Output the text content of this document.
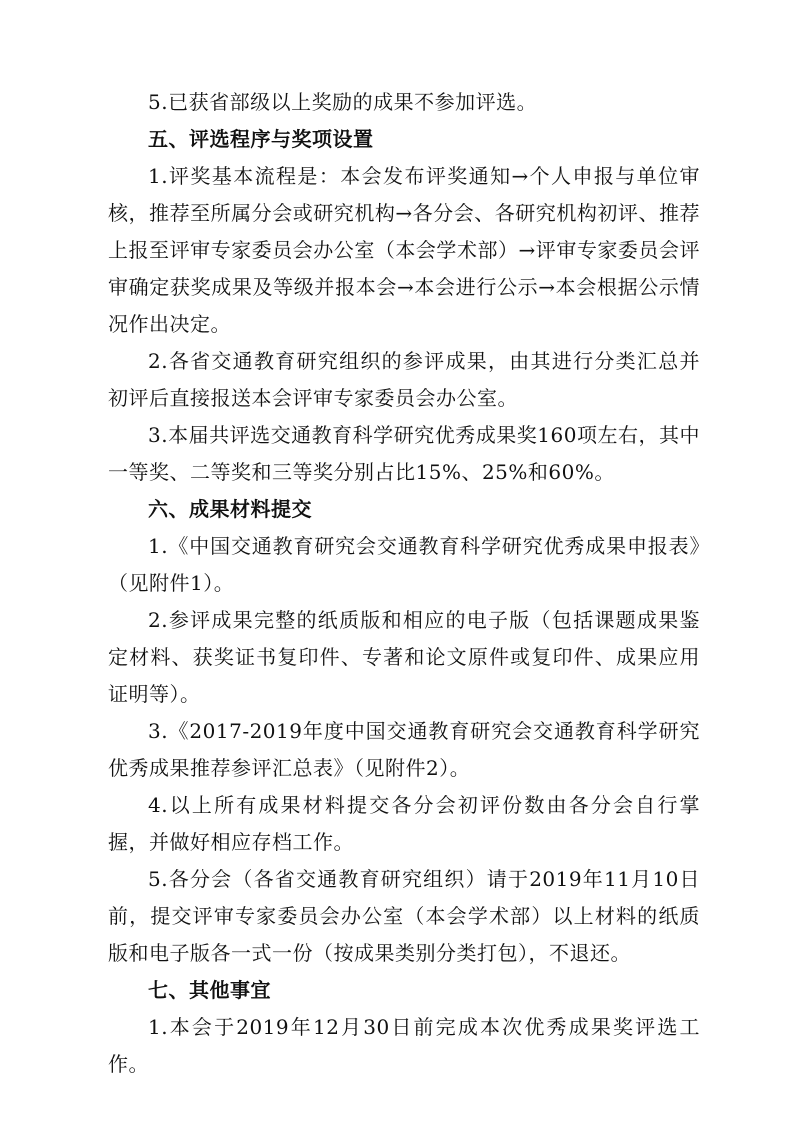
5.已获省部级以上奖励的成果不参加评选。

五、评选程序与奖项设置

1.评奖基本流程是：本会发布评奖通知→个人申报与单位审核，推荐至所属分会或研究机构→各分会、各研究机构初评、推荐上报至评审专家委员会办公室（本会学术部）→评审专家委员会评审确定获奖成果及等级并报本会→本会进行公示→本会根据公示情况作出决定。

2.各省交通教育研究组织的参评成果，由其进行分类汇总并初评后直接报送本会评审专家委员会办公室。

3.本届共评选交通教育科学研究优秀成果奖160项左右，其中一等奖、二等奖和三等奖分别占比15%、25%和60%。

六、成果材料提交

1.《中国交通教育研究会交通教育科学研究优秀成果申报表》（见附件1）。

2.参评成果完整的纸质版和相应的电子版（包括课题成果鉴定材料、获奖证书复印件、专著和论文原件或复印件、成果应用证明等）。

3.《2017-2019年度中国交通教育研究会交通教育科学研究优秀成果推荐参评汇总表》（见附件2）。

4.以上所有成果材料提交各分会初评份数由各分会自行掌握，并做好相应存档工作。

5.各分会（各省交通教育研究组织）请于2019年11月10日前，提交评审专家委员会办公室（本会学术部）以上材料的纸质版和电子版各一式一份（按成果类别分类打包），不退还。

七、其他事宜

1.本会于2019年12月30日前完成本次优秀成果奖评选工作。
